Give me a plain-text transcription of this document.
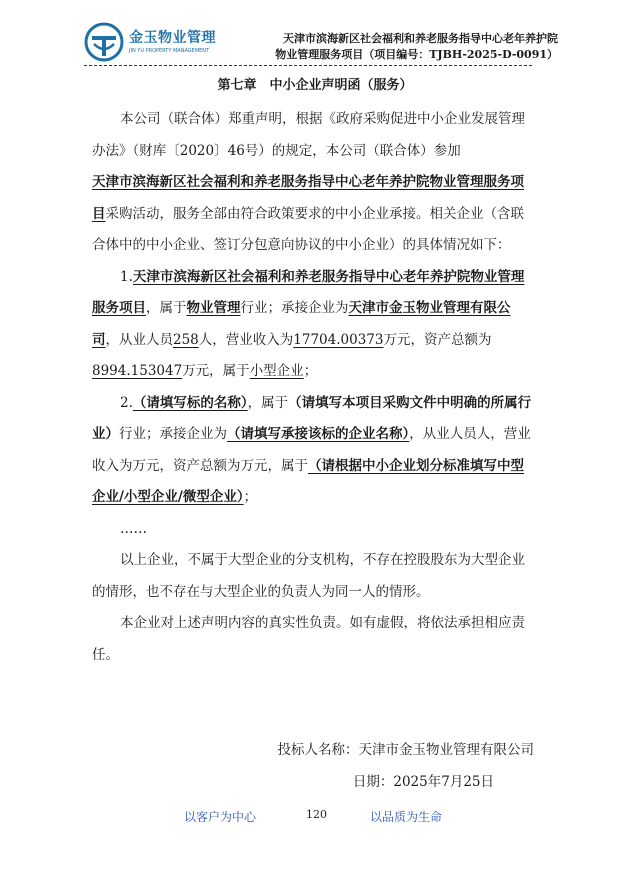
金玉物业管理
JIN YU PROPERTY MANAGEMENT
天津市滨海新区社会福利和养老服务指导中心老年养护院
物业管理服务项目（项目编号：TJBH-2025-D-0091）
第七章　中小企业声明函（服务）

本公司（联合体）郑重声明，根据《政府采购促进中小企业发展管理办法》（财库〔2020〕46号）的规定，本公司（联合体）参加
天津市滨海新区社会福利和养老服务指导中心老年养护院物业管理服务项目采购活动，服务全部由符合政策要求的中小企业承接。相关企业（含联合体中的中小企业、签订分包意向协议的中小企业）的具体情况如下：

1.天津市滨海新区社会福利和养老服务指导中心老年养护院物业管理服务项目，属于物业管理行业；承接企业为天津市金玉物业管理有限公司，从业人员258人，营业收入为17704.00373万元，资产总额为8994.153047万元，属于小型企业；

2.（请填写标的名称），属于（请填写本项目采购文件中明确的所属行业）行业；承接企业为（请填写承接该标的企业名称），从业人员人，营业收入为万元，资产总额为万元，属于（请根据中小企业划分标准填写中型企业/小型企业/微型企业）；

……

以上企业，不属于大型企业的分支机构，不存在控股股东为大型企业的情形，也不存在与大型企业的负责人为同一人的情形。

本企业对上述声明内容的真实性负责。如有虚假，将依法承担相应责任。

投标人名称：天津市金玉物业管理有限公司
日期：2025年7月25日
以客户为中心	120	以品质为生命
